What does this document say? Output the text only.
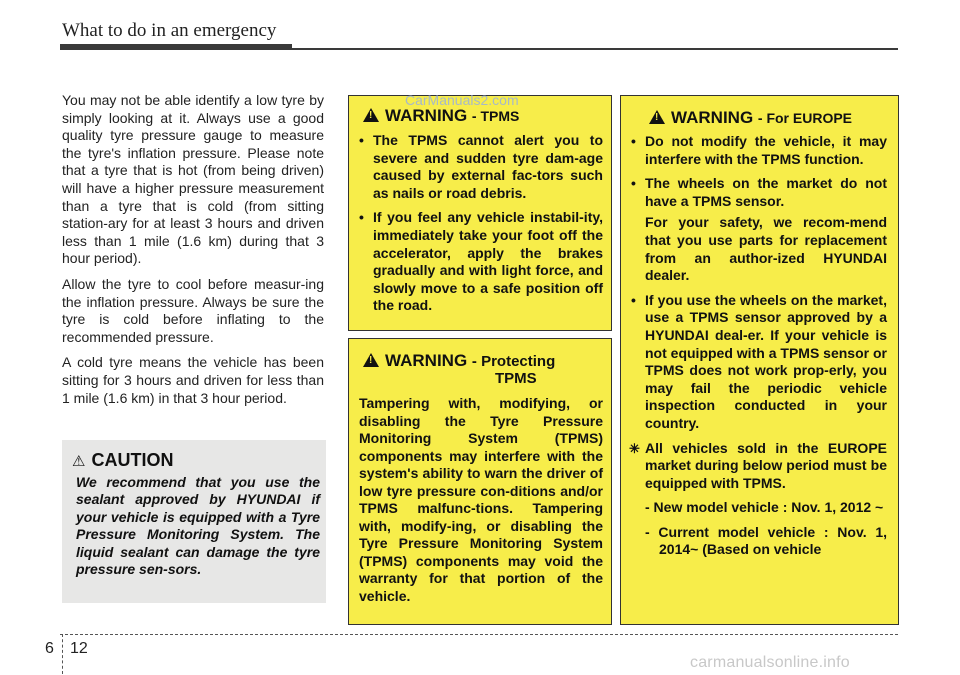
What to do in an emergency

You may not be able identify a low tyre by simply looking at it. Always use a good quality tyre pressure gauge to measure the tyre's inflation pressure. Please note that a tyre that is hot (from being driven) will have a higher pressure measurement than a tyre that is cold (from sitting station-ary for at least 3 hours and driven less than 1 mile (1.6 km) during that 3 hour period).

Allow the tyre to cool before measur-ing the inflation pressure. Always be sure the tyre is cold before inflating to the recommended pressure.

A cold tyre means the vehicle has been sitting for 3 hours and driven for less than 1 mile (1.6 km) in that 3 hour period.

⚠ CAUTION
We recommend that you use the sealant approved by HYUNDAI if your vehicle is equipped with a Tyre Pressure Monitoring System. The liquid sealant can damage the tyre pressure sen-sors.
!WARNING - TPMS
• The TPMS cannot alert you to severe and sudden tyre dam-age caused by external fac-tors such as nails or road debris.
• If you feel any vehicle instabil-ity, immediately take your foot off the accelerator, apply the brakes gradually and with light force, and slowly move to a safe position off the road.
!WARNING - Protecting
TPMS
Tampering with, modifying, or disabling the Tyre Pressure Monitoring System (TPMS) components may interfere with the system's ability to warn the driver of low tyre pressure con-ditions and/or TPMS malfunc-tions. Tampering with, modify-ing, or disabling the Tyre Pressure Monitoring System (TPMS) components may void the warranty for that portion of the vehicle.
!WARNING - For EUROPE
• Do not modify the vehicle, it may interfere with the TPMS function.
• The wheels on the market do not have a TPMS sensor.
For your safety, we recom-mend that you use parts for replacement from an author-ized HYUNDAI dealer.
• If you use the wheels on the market, use a TPMS sensor approved by a HYUNDAI deal-er. If your vehicle is not equipped with a TPMS sensor or TPMS does not work prop-erly, you may fail the periodic vehicle inspection conducted in your country.
✳ All vehicles sold in the EUROPE market during below period must be equipped with TPMS.
- New model vehicle : Nov. 1, 2012 ~
- Current model vehicle : Nov. 1, 2014~ (Based on vehicle
CarManuals2.com
6 12
carmanualsonline.info
